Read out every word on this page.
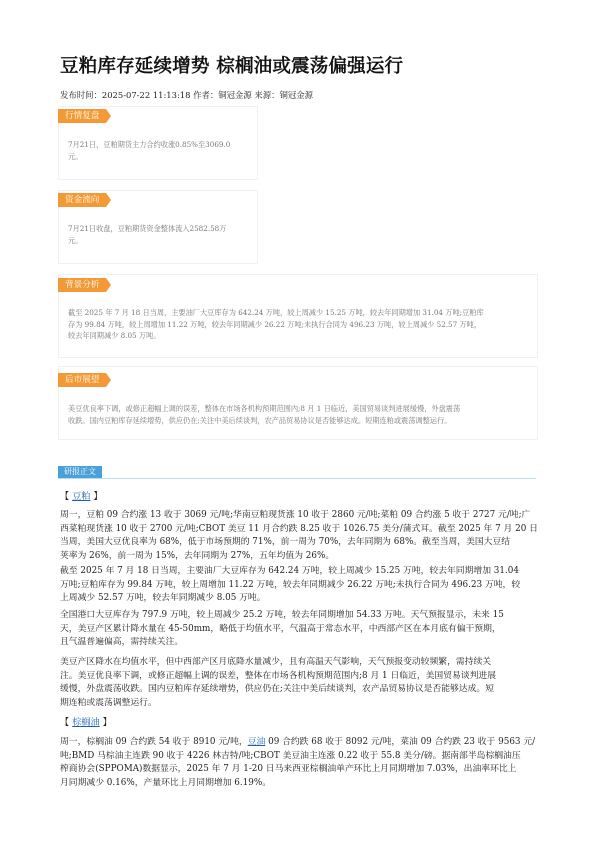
豆粕库存延续增势 棕榈油或震荡偏强运行
发布时间：2025-07-22 11:13:18 作者：铜冠金源 来源：铜冠金源
行情复盘
7月21日，豆粕期货主力合约收涨0.85%至3069.0
元。
资金流向
7月21日收盘，豆粕期货资金整体流入2582.58万
元。
背景分析
截至 2025 年 7 月 18 日当周，主要油厂大豆库存为 642.24 万吨，较上周减少 15.25 万吨，较去年同期增加 31.04 万吨;豆粕库
存为 99.84 万吨，较上周增加 11.22 万吨，较去年同期减少 26.22 万吨;未执行合同为 496.23 万吨，较上周减少 52.57 万吨，
较去年同期减少 8.05 万吨。
后市展望
美豆优良率下调，或修正超幅上调的误差，整体在市场各机构预期范围内;8 月 1 日临近，美国贸易谈判进展缓慢，外盘震荡
收跌。国内豆粕库存延续增势，供应仍在;关注中美后续谈判，农产品贸易协议是否能够达成。短期连粕或震荡调整运行。
研报正文
【 豆粕 】
周一，豆粕 09 合约涨 13 收于 3069 元/吨;华南豆粕现货涨 10 收于 2860 元/吨;菜粕 09 合约涨 5 收于 2727 元/吨;广
西菜粕现货涨 10 收于 2700 元/吨;CBOT 美豆 11 月合约跌 8.25 收于 1026.75 美分/蒲式耳。截至 2025 年 7 月 20 日
当周，美国大豆优良率为 68%，低于市场预期的 71%，前一周为 70%，去年同期为 68%。截至当周，美国大豆结
荚率为 26%，前一周为 15%，去年同期为 27%，五年均值为 26%。
截至 2025 年 7 月 18 日当周，主要油厂大豆库存为 642.24 万吨，较上周减少 15.25 万吨，较去年同期增加 31.04
万吨;豆粕库存为 99.84 万吨，较上周增加 11.22 万吨，较去年同期减少 26.22 万吨;未执行合同为 496.23 万吨，较
上周减少 52.57 万吨，较去年同期减少 8.05 万吨。
全国港口大豆库存为 797.9 万吨，较上周减少 25.2 万吨，较去年同期增加 54.33 万吨。天气预报显示，未来 15
天，美豆产区累计降水量在 45-50mm，略低于均值水平，气温高于常态水平，中西部产区在本月底有偏干预期，
且气温普遍偏高，需持续关注。
美豆产区降水在均值水平，但中西部产区月底降水量减少，且有高温天气影响，天气预报变动较频繁，需持续关
注。美豆优良率下调，或修正超幅上调的误差，整体在市场各机构预期范围内;8 月 1 日临近，美国贸易谈判进展
缓慢，外盘震荡收跌。国内豆粕库存延续增势，供应仍在;关注中美后续谈判，农产品贸易协议是否能够达成。短
期连粕或震荡调整运行。
【 棕榈油 】
周一，棕榈油 09 合约跌 54 收于 8910 元/吨，豆油 09 合约跌 68 收于 8092 元/吨，菜油 09 合约跌 23 收于 9563 元/
吨;BMD 马棕油主连跌 90 收于 4226 林吉特/吨;CBOT 美豆油主连涨 0.22 收于 55.8 美分/磅。据南部半岛棕榈油压
榨商协会(SPPOMA)数据显示，2025 年 7 月 1-20 日马来西亚棕榈油单产环比上月同期增加 7.03%，出油率环比上
月同期减少 0.16%，产量环比上月同期增加 6.19%。
